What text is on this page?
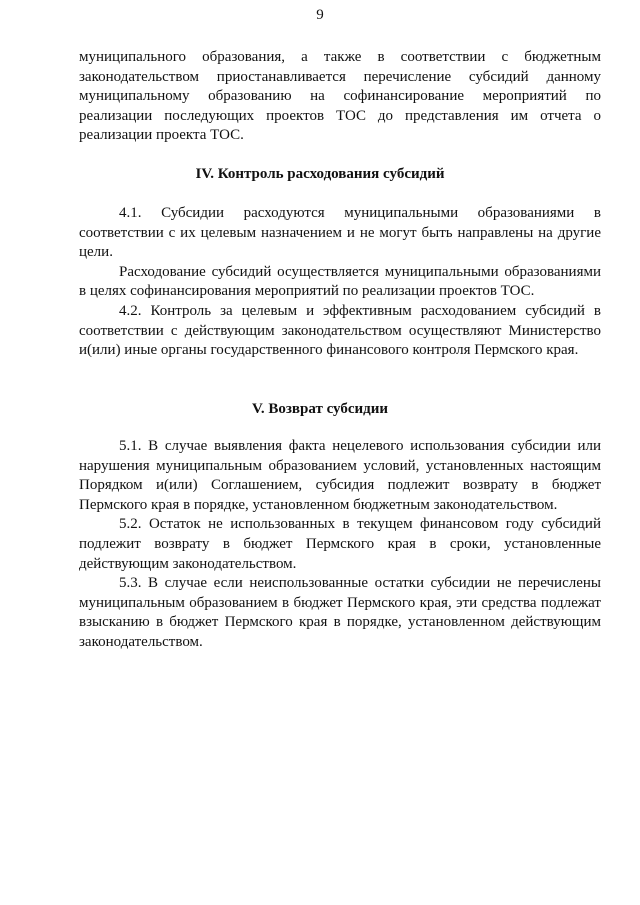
9

муниципального образования, а также в соответствии с бюджетным законодательством приостанавливается перечисление субсидий данному муниципальному образованию на софинансирование мероприятий по реализации последующих проектов ТОС до представления им отчета о реализации проекта ТОС.

IV. Контроль расходования субсидий

4.1. Субсидии расходуются муниципальными образованиями в соответствии с их целевым назначением и не могут быть направлены на другие цели.

Расходование субсидий осуществляется муниципальными образованиями в целях софинансирования мероприятий по реализации проектов ТОС.

4.2. Контроль за целевым и эффективным расходованием субсидий в соответствии с действующим законодательством осуществляют Министерство и(или) иные органы государственного финансового контроля Пермского края.

V. Возврат субсидии

5.1. В случае выявления факта нецелевого использования субсидии или нарушения муниципальным образованием условий, установленных настоящим Порядком и(или) Соглашением, субсидия подлежит возврату в бюджет Пермского края в порядке, установленном бюджетным законодательством.

5.2. Остаток не использованных в текущем финансовом году субсидий подлежит возврату в бюджет Пермского края в сроки, установленные действующим законодательством.

5.3. В случае если неиспользованные остатки субсидии не перечислены муниципальным образованием в бюджет Пермского края, эти средства подлежат взысканию в бюджет Пермского края в порядке, установленном действующим законодательством.
